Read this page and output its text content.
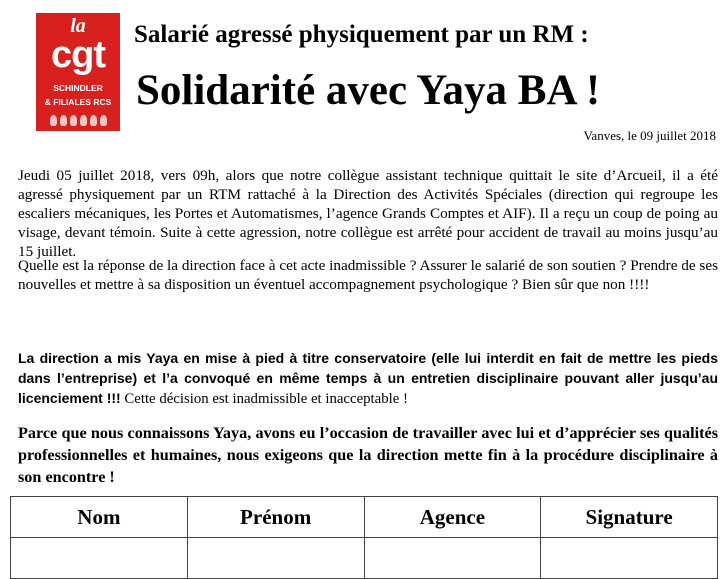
la
cgt
SCHINDLER
& FILIALES RCS
Salarié agressé physiquement par un RM :
Solidarité avec Yaya BA !
Vanves, le 09 juillet 2018

Jeudi 05 juillet 2018, vers 09h, alors que notre collègue assistant technique quittait le site d’Arcueil, il a été agressé physiquement par un RTM rattaché à la Direction des Activités Spéciales (direction qui regroupe les escaliers mécaniques, les Portes et Automatismes, l’agence Grands Comptes et AIF). Il a reçu un coup de poing au visage, devant témoin. Suite à cette agression, notre collègue est arrêté pour accident de travail au moins jusqu’au 15 juillet.

Quelle est la réponse de la direction face à cet acte inadmissible ? Assurer le salarié de son soutien ? Prendre de ses nouvelles et mettre à sa disposition un éventuel accompagnement psychologique ? Bien sûr que non !!!!

La direction a mis Yaya en mise à pied à titre conservatoire (elle lui interdit en fait de mettre les pieds dans l’entreprise) et l’a convoqué en même temps à un entretien disciplinaire pouvant aller jusqu’au licenciement !!! Cette décision est inadmissible et inacceptable !

Parce que nous connaissons Yaya, avons eu l’occasion de travailler avec lui et d’apprécier ses qualités professionnelles et humaines, nous exigeons que la direction mette fin à la procédure disciplinaire à son encontre !

Nom	Prénom	Agence	Signature
